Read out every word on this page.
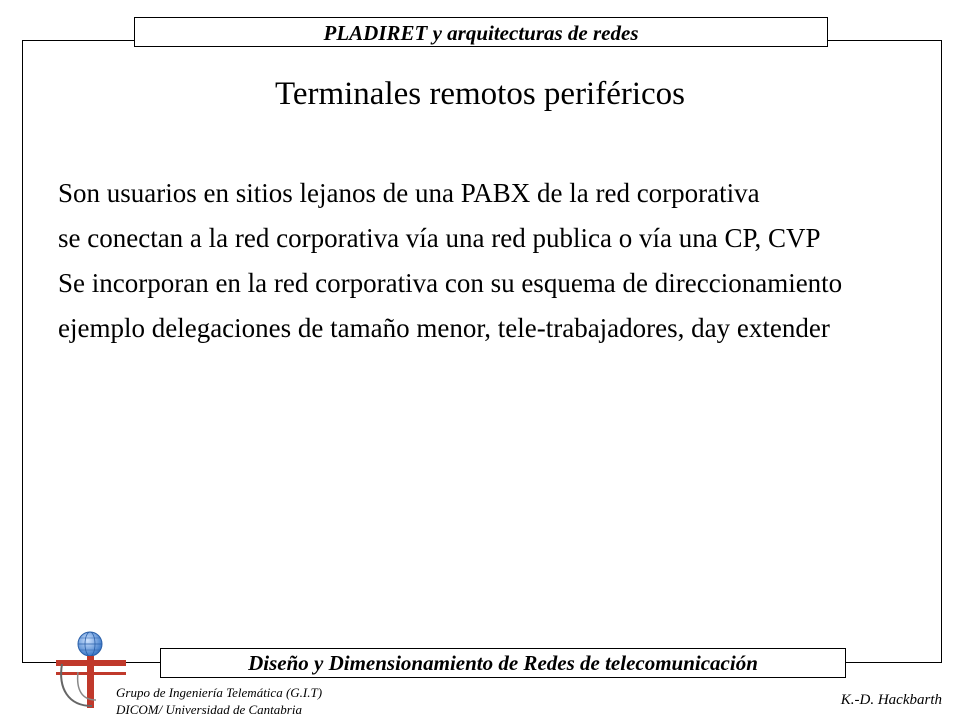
PLADIRET y arquitecturas de redes
Terminales remotos periféricos

Son usuarios en sitios lejanos de una PABX de la red corporativa

se conectan a la red corporativa vía una red publica o vía una CP, CVP

Se incorporan en la red corporativa con su esquema de direccionamiento

ejemplo delegaciones de tamaño menor, tele-trabajadores, day extender

Diseño y Dimensionamiento de Redes de telecomunicación
Grupo de Ingeniería Telemática (G.I.T)
DICOM/ Universidad de Cantabria
K.-D. Hackbarth
